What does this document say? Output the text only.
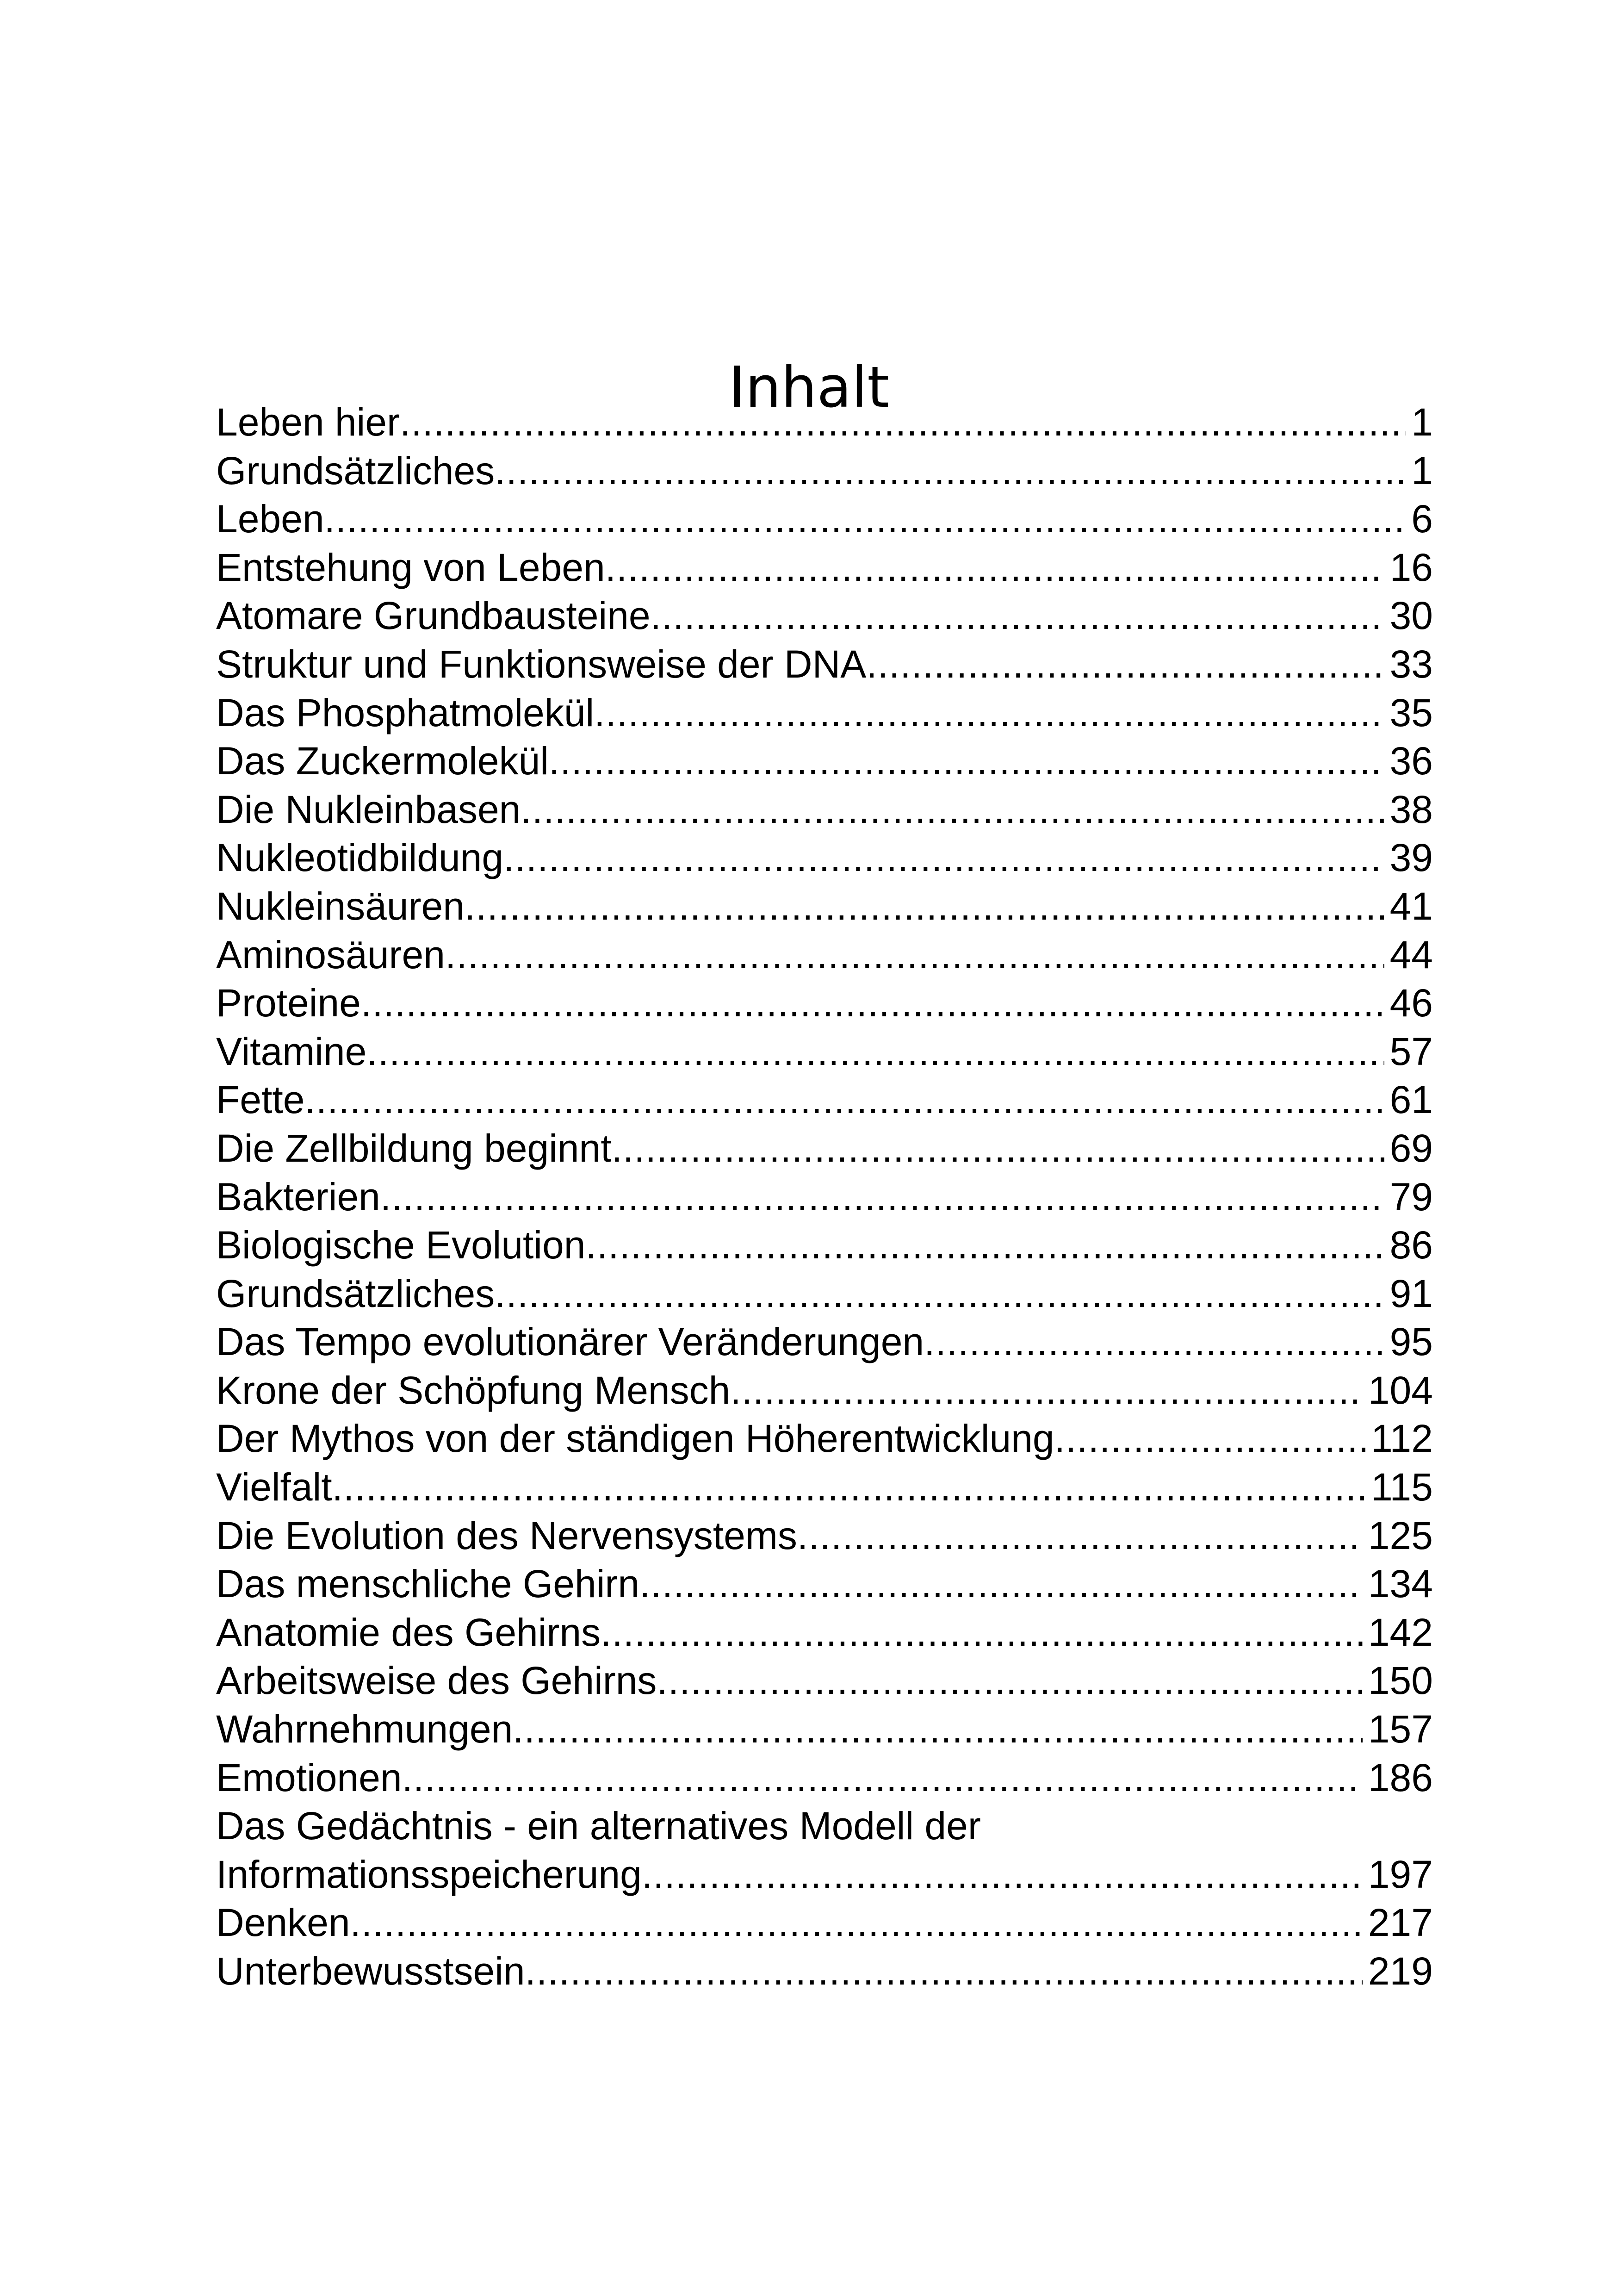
Inhalt
Leben hier .....	1
Grundsätzliches .....	1
Leben .....	6
Entstehung von Leben .....	16
Atomare Grundbausteine .....	30
Struktur und Funktionsweise der DNA .....	33
Das Phosphatmolekül .....	35
Das Zuckermolekül .....	36
Die Nukleinbasen .....	38
Nukleotidbildung .....	39
Nukleinsäuren .....	41
Aminosäuren .....	44
Proteine .....	46
Vitamine .....	57
Fette .....	61
Die Zellbildung beginnt .....	69
Bakterien .....	79
Biologische Evolution .....	86
Grundsätzliches .....	91
Das Tempo evolutionärer Veränderungen .....	95
Krone der Schöpfung Mensch .....	104
Der Mythos von der ständigen Höherentwicklung .....	112
Vielfalt .....	115
Die Evolution des Nervensystems .....	125
Das menschliche Gehirn .....	134
Anatomie des Gehirns .....	142
Arbeitsweise des Gehirns .....	150
Wahrnehmungen .....	157
Emotionen .....	186
Das Gedächtnis - ein alternatives Modell der
Informationsspeicherung .....	197
Denken .....	217
Unterbewusstsein .....	219
